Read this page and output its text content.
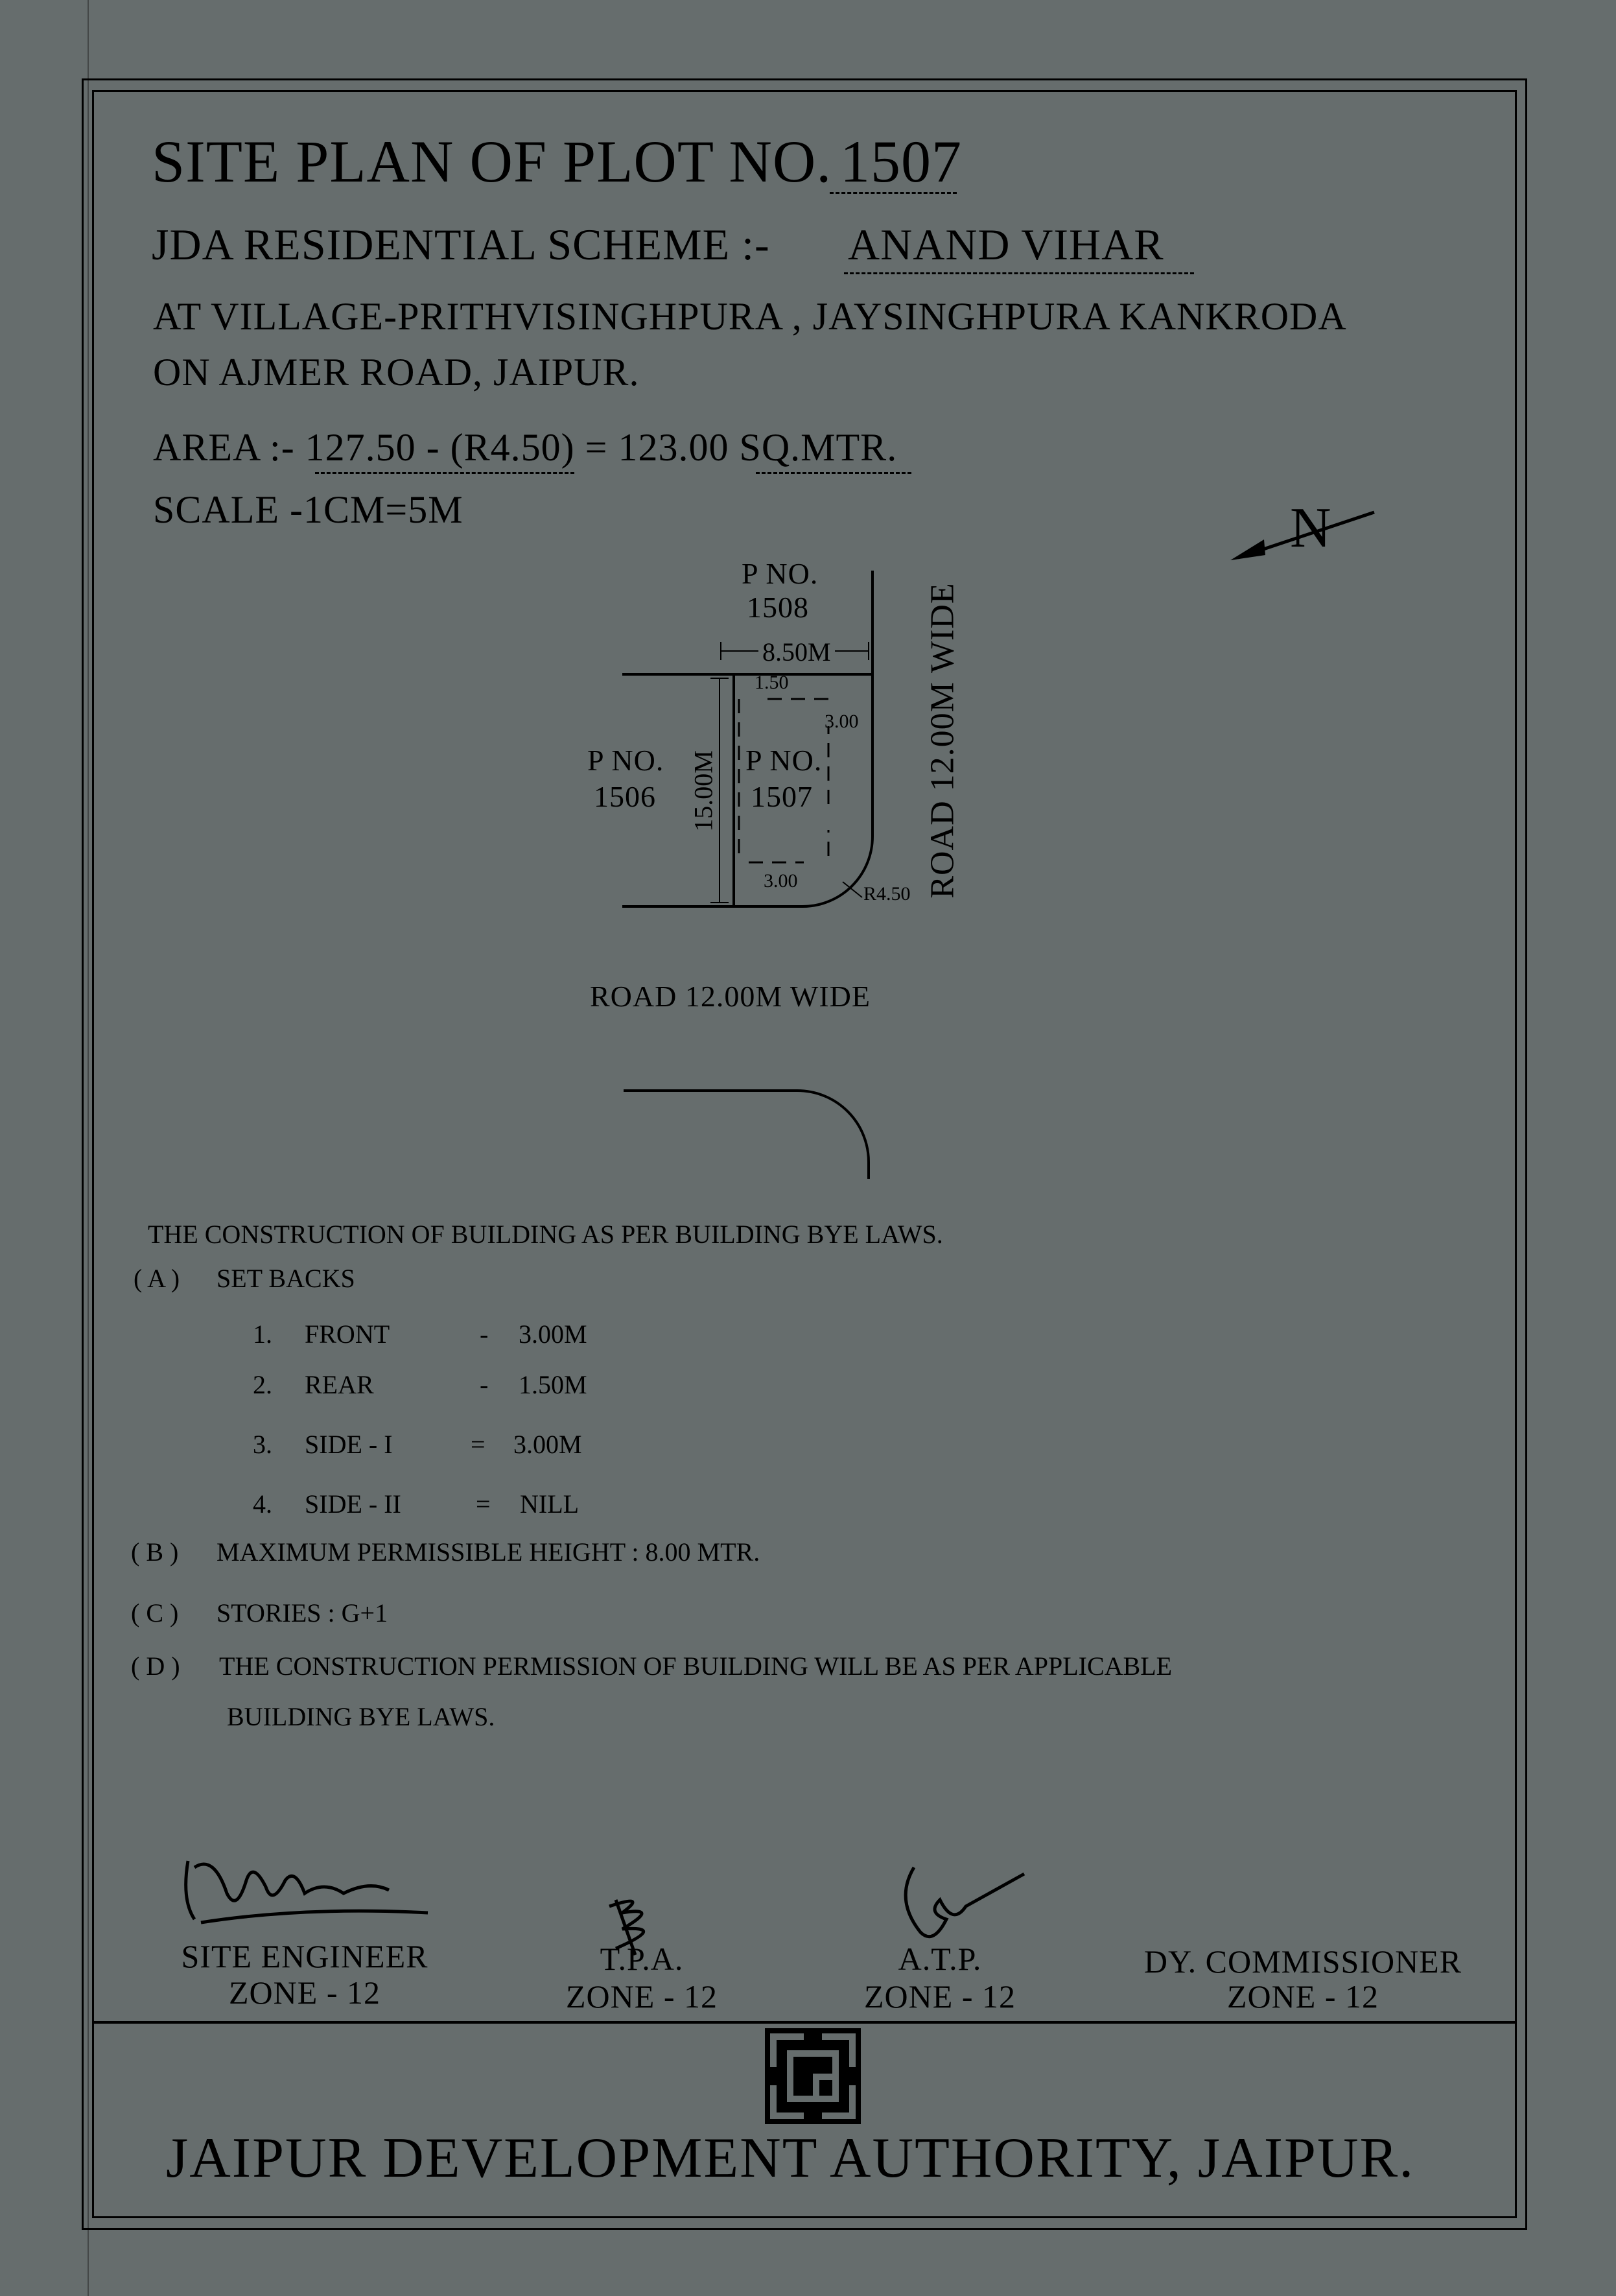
SITE PLAN OF PLOT NO. 1507
JDA RESIDENTIAL SCHEME :- ANAND VIHAR
AT VILLAGE-PRITHVISINGHPURA , JAYSINGHPURA KANKRODA
ON AJMER ROAD, JAIPUR.
AREA :- 127.50 - (R4.50) = 123.00 SQ.MTR.
SCALE -1CM=5M	N
P NO.
1508
8.50M
1.50
3.00
3.00
R4.50
P NO.
1506
P NO.
1507
15.00M	ROAD 12.00M WIDE
ROAD 12.00M WIDE
THE CONSTRUCTION OF BUILDING AS PER BUILDING BYE LAWS.
( A ) SET BACKS
1. FRONT	- 3.00M
2. REAR	- 1.50M
3. SIDE - I	= 3.00M
4. SIDE - II	= NILL
( B ) MAXIMUM PERMISSIBLE HEIGHT : 8.00 MTR.
( C ) STORIES : G+1
( D ) THE CONSTRUCTION PERMISSION OF BUILDING WILL BE AS PER APPLICABLE
BUILDING BYE LAWS.
SITE ENGINEER
ZONE - 12
T.P.A.
ZONE - 12
A.T.P.
ZONE - 12
DY. COMMISSIONER
ZONE - 12
JAIPUR DEVELOPMENT AUTHORITY, JAIPUR.
